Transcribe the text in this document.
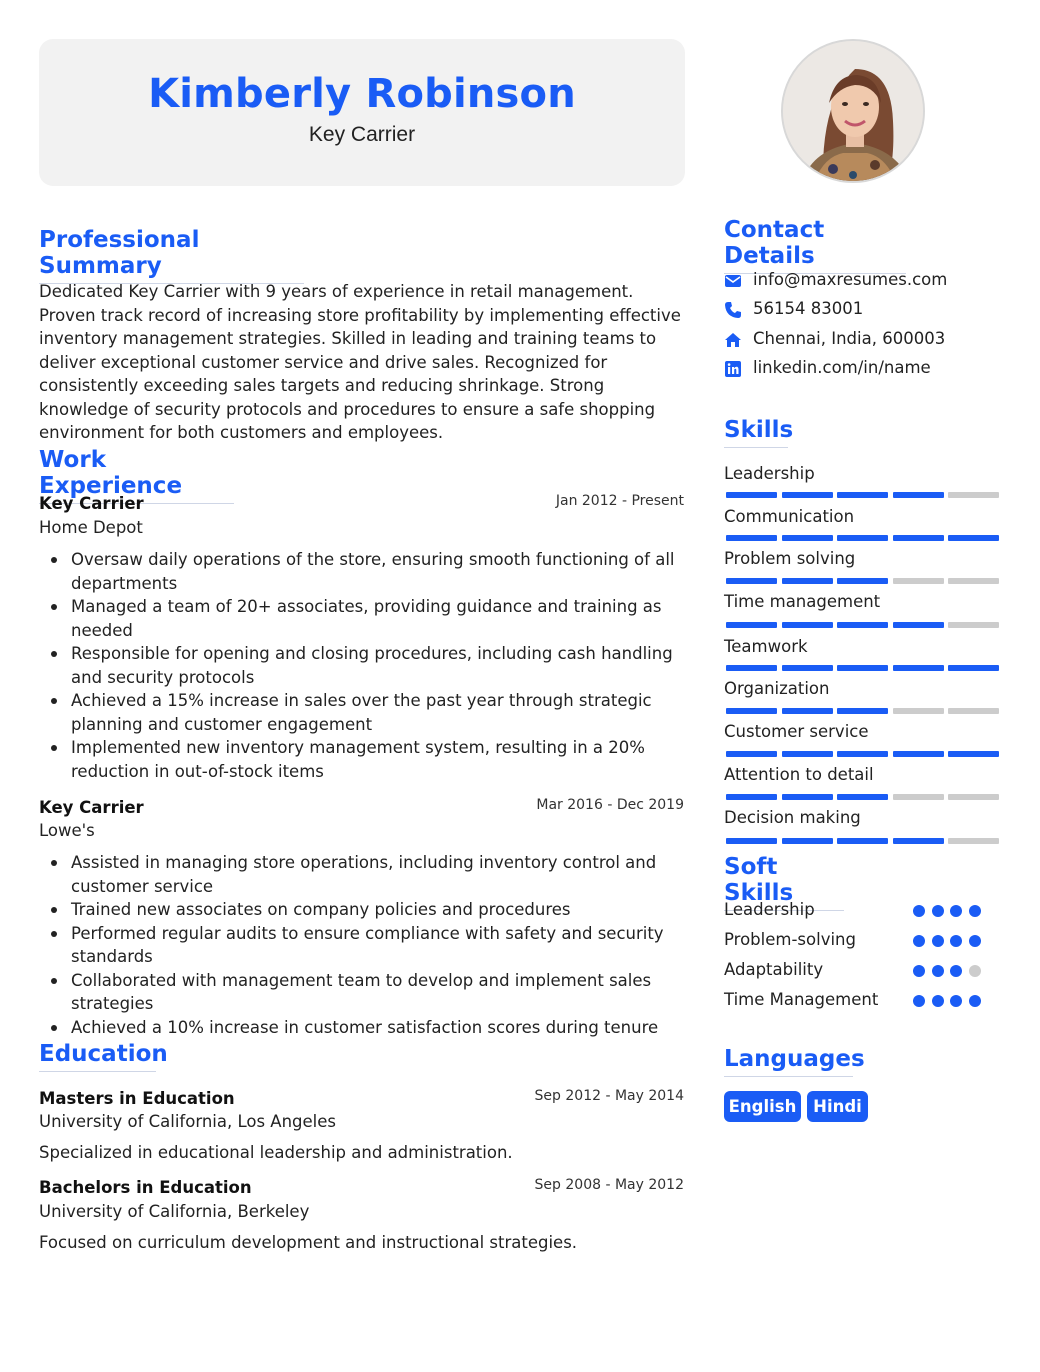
Kimberly Robinson
Key Carrier
Professional Summary
Dedicated Key Carrier with 9 years of experience in retail management. Proven track record of increasing store profitability by implementing effective inventory management strategies. Skilled in leading and training teams to deliver exceptional customer service and drive sales. Recognized for consistently exceeding sales targets and reducing shrinkage. Strong knowledge of security protocols and procedures to ensure a safe shopping environment for both customers and employees.
Work Experience
Key Carrier	Jan 2012 - Present
Home Depot
Oversaw daily operations of the store, ensuring smooth functioning of all departments
Managed a team of 20+ associates, providing guidance and training as needed
Responsible for opening and closing procedures, including cash handling and security protocols
Achieved a 15% increase in sales over the past year through strategic planning and customer engagement
Implemented new inventory management system, resulting in a 20% reduction in out-of-stock items
Key Carrier	Mar 2016 - Dec 2019
Lowe's
Assisted in managing store operations, including inventory control and customer service
Trained new associates on company policies and procedures
Performed regular audits to ensure compliance with safety and security standards
Collaborated with management team to develop and implement sales strategies
Achieved a 10% increase in customer satisfaction scores during tenure
Education
Masters in Education	Sep 2012 - May 2014
University of California, Los Angeles
Specialized in educational leadership and administration.
Bachelors in Education	Sep 2008 - May 2012
University of California, Berkeley
Focused on curriculum development and instructional strategies.
Contact Details
info@maxresumes.com
56154 83001
Chennai, India, 600003
linkedin.com/in/name
Skills
Leadership
Communication
Problem solving
Time management
Teamwork
Organization
Customer service
Attention to detail
Decision making
Soft Skills
Leadership
Problem-solving
Adaptability
Time Management
Languages
English	Hindi
